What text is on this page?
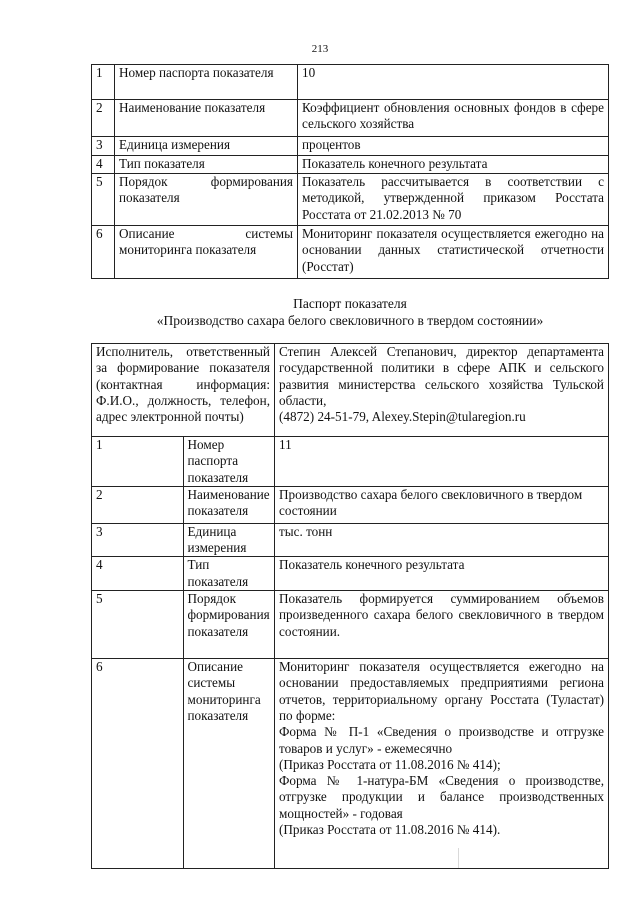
213
1	Номер паспорта показателя	10
2	Наименование показателя	Коэффициент обновления основных фондов в сфере сельского хозяйства
3	Единица измерения	процентов
4	Тип показателя	Показатель конечного результата
5	Порядок формирования показателя	Показатель рассчитывается в соответствии с методикой, утвержденной приказом Росстата Росстата от 21.02.2013 № 70
6	Описание системы мониторинга показателя	Мониторинг показателя осуществляется ежегодно на основании данных статистической отчетности (Росстат)
Паспорт показателя
«Производство сахара белого свекловичного в твердом состоянии»
Исполнитель, ответственный за формирование показателя (контактная информация: Ф.И.О., должность, телефон, адрес электронной почты)		Степин Алексей Степанович, директор департамента государственной политики в сфере АПК и сельского развития министерства сельского хозяйства Тульской области,
(4872) 24-51-79, Alexey.Stepin@tularegion.ru

1	Номер паспорта показателя	11
2	Наименование показателя	Производство сахара белого свекловичного в твердом состоянии
3	Единица измерения	тыс. тонн
4	Тип показателя	Показатель конечного результата
5	Порядок формирования показателя	Показатель формируется суммированием объемов произведенного сахара белого свекловичного в твердом состоянии.
6	Описание системы мониторинга показателя	Мониторинг показателя осуществляется ежегодно на основании предоставляемых предприятиями региона отчетов, территориальному органу Росстата (Туластат) по форме:
Форма № П-1 «Сведения о производстве и отгрузке товаров и услуг» - ежемесячно
(Приказ Росстата от 11.08.2016 № 414);
Форма № 1-натура-БМ «Сведения о производстве, отгрузке продукции и балансе производственных мощностей» - годовая
(Приказ Росстата от 11.08.2016 № 414).
